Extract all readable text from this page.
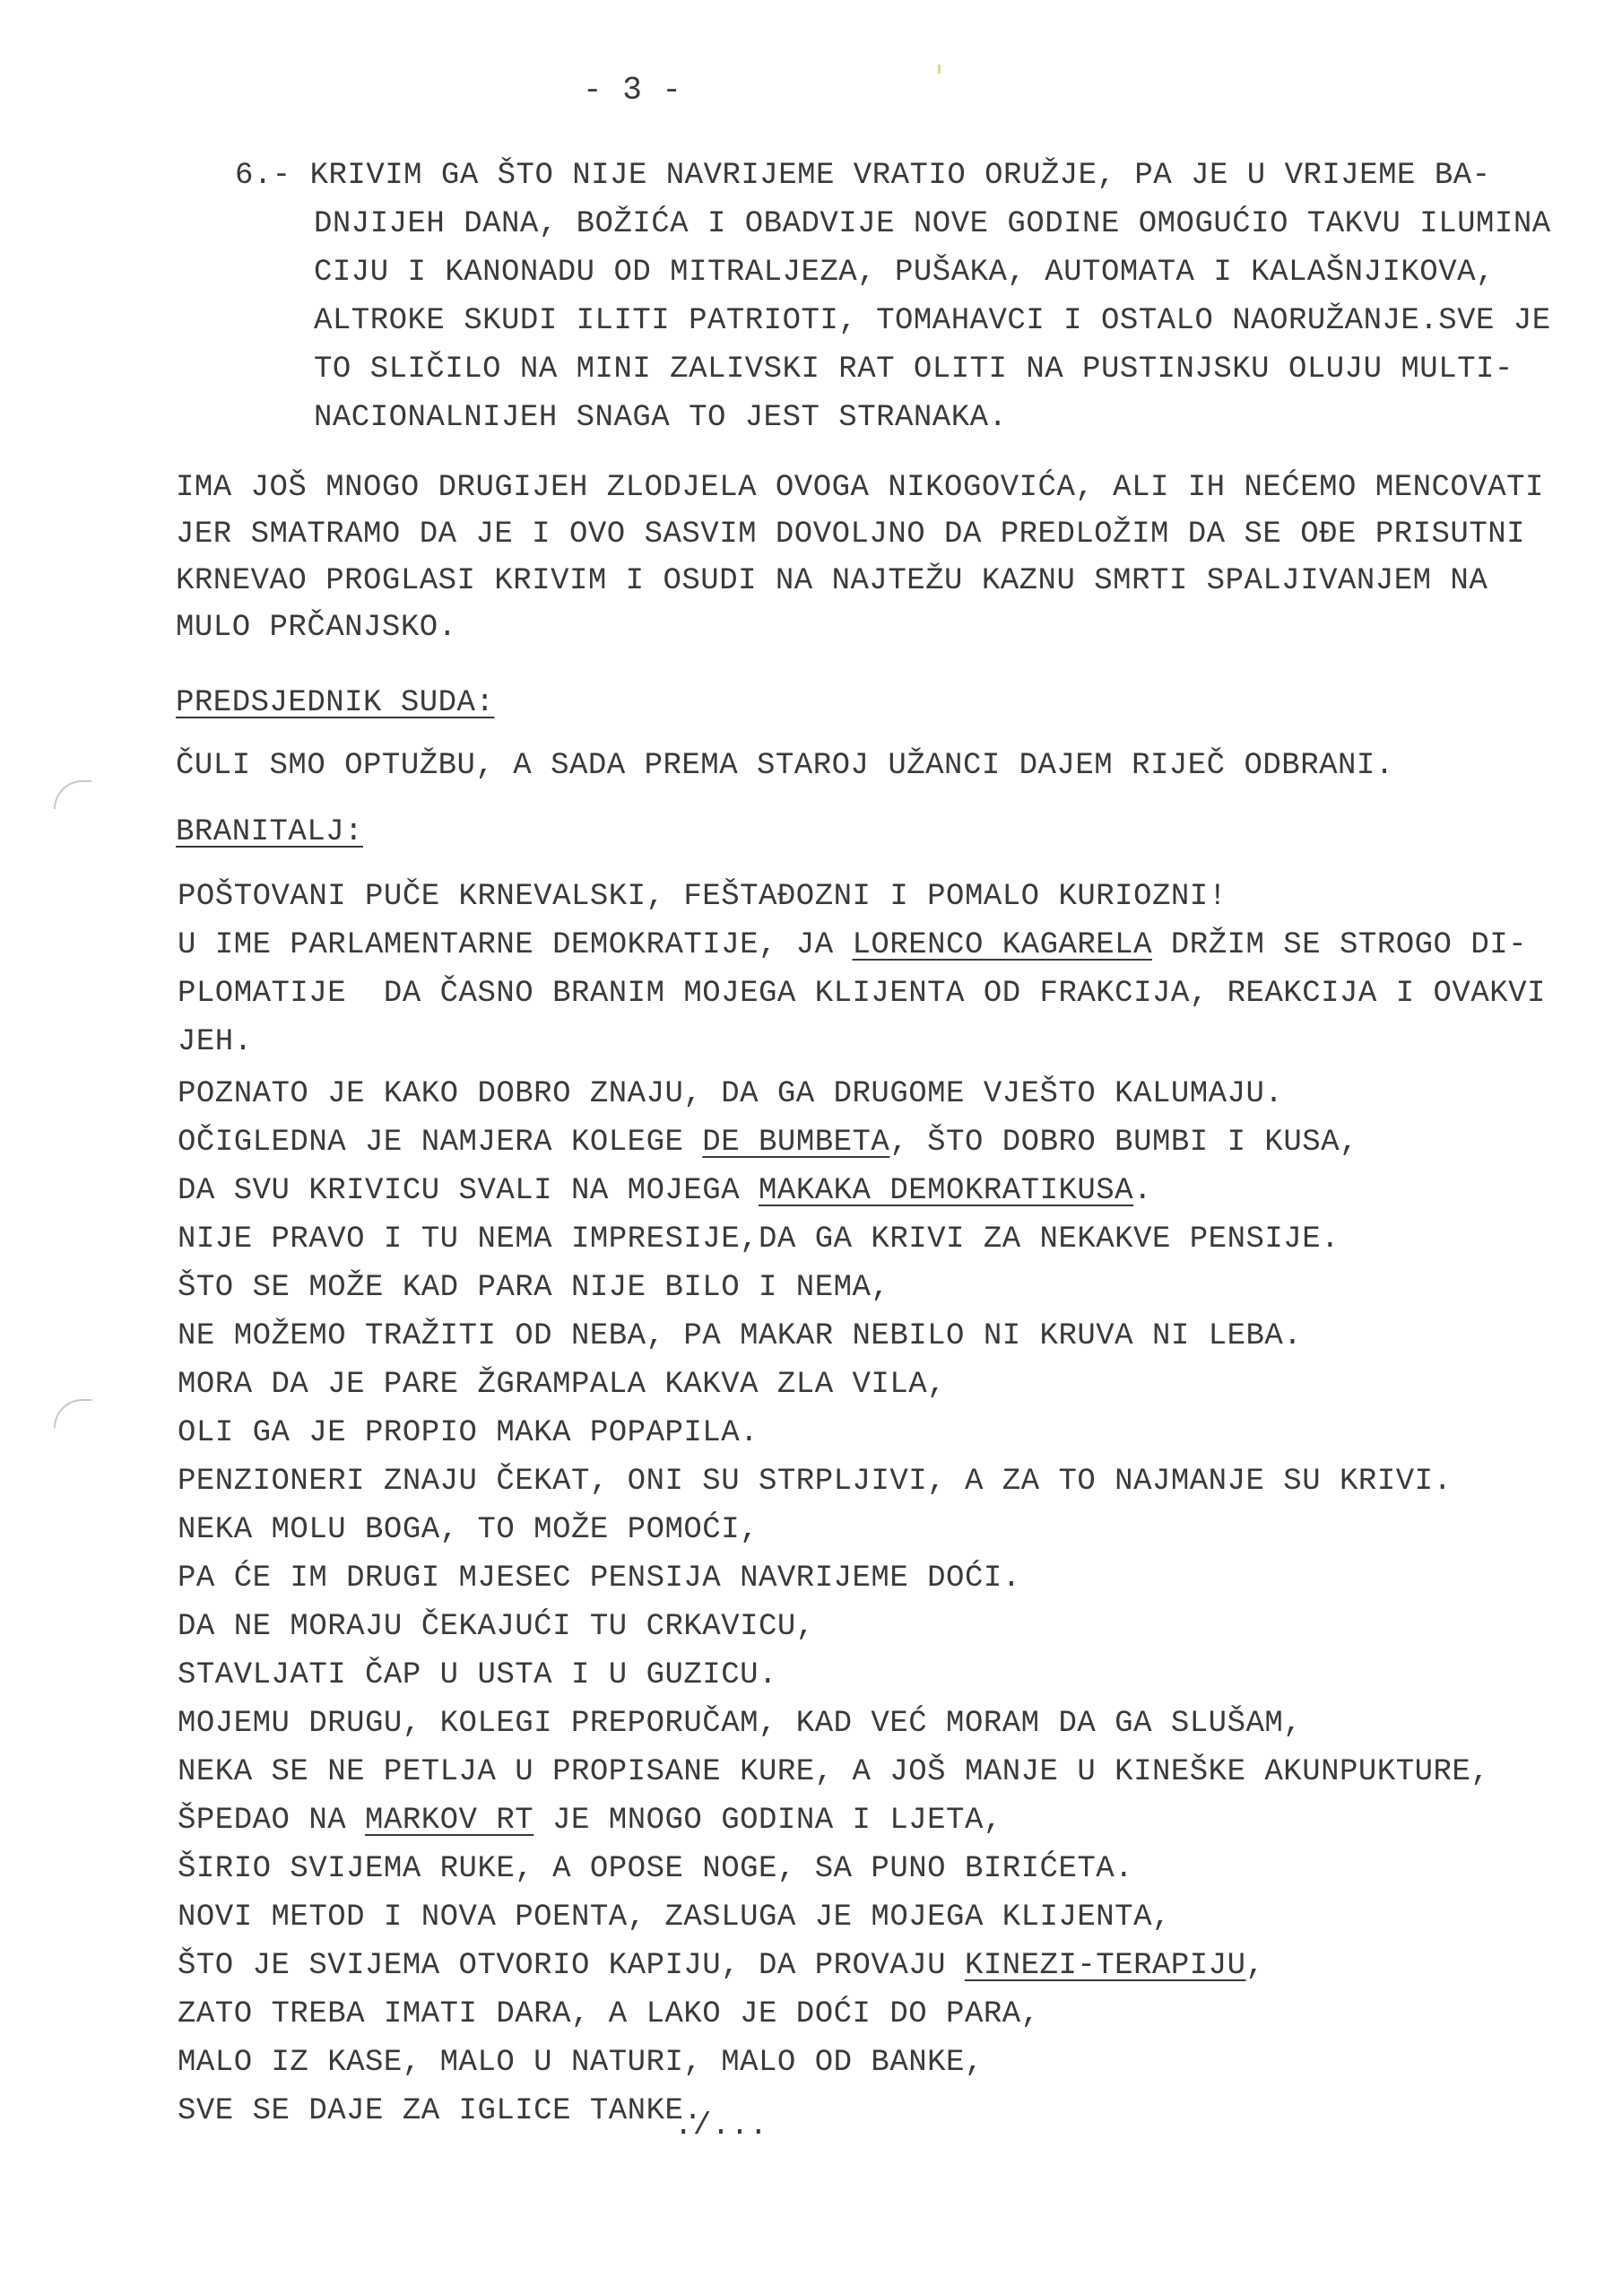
- 3 -
6.- KRIVIM GA ŠTO NIJE NAVRIJEME VRATIO ORUŽJE, PA JE U VRIJEME BA-
DNJIJEH DANA, BOŽIĆA I OBADVIJE NOVE GODINE OMOGUĆIO TAKVU ILUMINA
CIJU I KANONADU OD MITRALJEZA, PUŠAKA, AUTOMATA I KALAŠNJIKOVA,
ALTROKE SKUDI ILITI PATRIOTI, TOMAHAVCI I OSTALO NAORUŽANJE.SVE JE
TO SLIČILO NA MINI ZALIVSKI RAT OLITI NA PUSTINJSKU OLUJU MULTI-
NACIONALNIJEH SNAGA TO JEST STRANAKA.
IMA JOŠ MNOGO DRUGIJEH ZLODJELA OVOGA NIKOGOVIĆA, ALI IH NEĆEMO MENCOVATI
JER SMATRAMO DA JE I OVO SASVIM DOVOLJNO DA PREDLOŽIM DA SE OĐE PRISUTNI
KRNEVAO PROGLASI KRIVIM I OSUDI NA NAJTEŽU KAZNU SMRTI SPALJIVANJEM NA
MULO PRČANJSKO.
PREDSJEDNIK SUDA:
ČULI SMO OPTUŽBU, A SADA PREMA STAROJ UŽANCI DAJEM RIJEČ ODBRANI.
BRANITALJ:
POŠTOVANI PUČE KRNEVALSKI, FEŠTAĐOZNI I POMALO KURIOZNI!
U IME PARLAMENTARNE DEMOKRATIJE, JA LORENCO KAGARELA DRŽIM SE STROGO DI-
PLOMATIJE  DA ČASNO BRANIM MOJEGA KLIJENTA OD FRAKCIJA, REAKCIJA I OVAKVI
JEH.
POZNATO JE KAKO DOBRO ZNAJU, DA GA DRUGOME VJEŠTO KALUMAJU.
OČIGLEDNA JE NAMJERA KOLEGE DE BUMBETA, ŠTO DOBRO BUMBI I KUSA,
DA SVU KRIVICU SVALI NA MOJEGA MAKAKA DEMOKRATIKUSA.
NIJE PRAVO I TU NEMA IMPRESIJE,DA GA KRIVI ZA NEKAKVE PENSIJE.
ŠTO SE MOŽE KAD PARA NIJE BILO I NEMA,
NE MOŽEMO TRAŽITI OD NEBA, PA MAKAR NEBILO NI KRUVA NI LEBA.
MORA DA JE PARE ŽGRAMPALA KAKVA ZLA VILA,
OLI GA JE PROPIO MAKA POPAPILA.
PENZIONERI ZNAJU ČEKAT, ONI SU STRPLJIVI, A ZA TO NAJMANJE SU KRIVI.
NEKA MOLU BOGA, TO MOŽE POMOĆI,
PA ĆE IM DRUGI MJESEC PENSIJA NAVRIJEME DOĆI.
DA NE MORAJU ČEKAJUĆI TU CRKAVICU,
STAVLJATI ČAP U USTA I U GUZICU.
MOJEMU DRUGU, KOLEGI PREPORUČAM, KAD VEĆ MORAM DA GA SLUŠAM,
NEKA SE NE PETLJA U PROPISANE KURE, A JOŠ MANJE U KINEŠKE AKUNPUKTURE,
ŠPEDAO NA MARKOV RT JE MNOGO GODINA I LJETA,
ŠIRIO SVIJEMA RUKE, A OPOSE NOGE, SA PUNO BIRIĆETA.
NOVI METOD I NOVA POENTA, ZASLUGA JE MOJEGA KLIJENTA,
ŠTO JE SVIJEMA OTVORIO KAPIJU, DA PROVAJU KINEZI-TERAPIJU,
ZATO TREBA IMATI DARA, A LAKO JE DOĆI DO PARA,
MALO IZ KASE, MALO U NATURI, MALO OD BANKE,
SVE SE DAJE ZA IGLICE TANKE.
./...
